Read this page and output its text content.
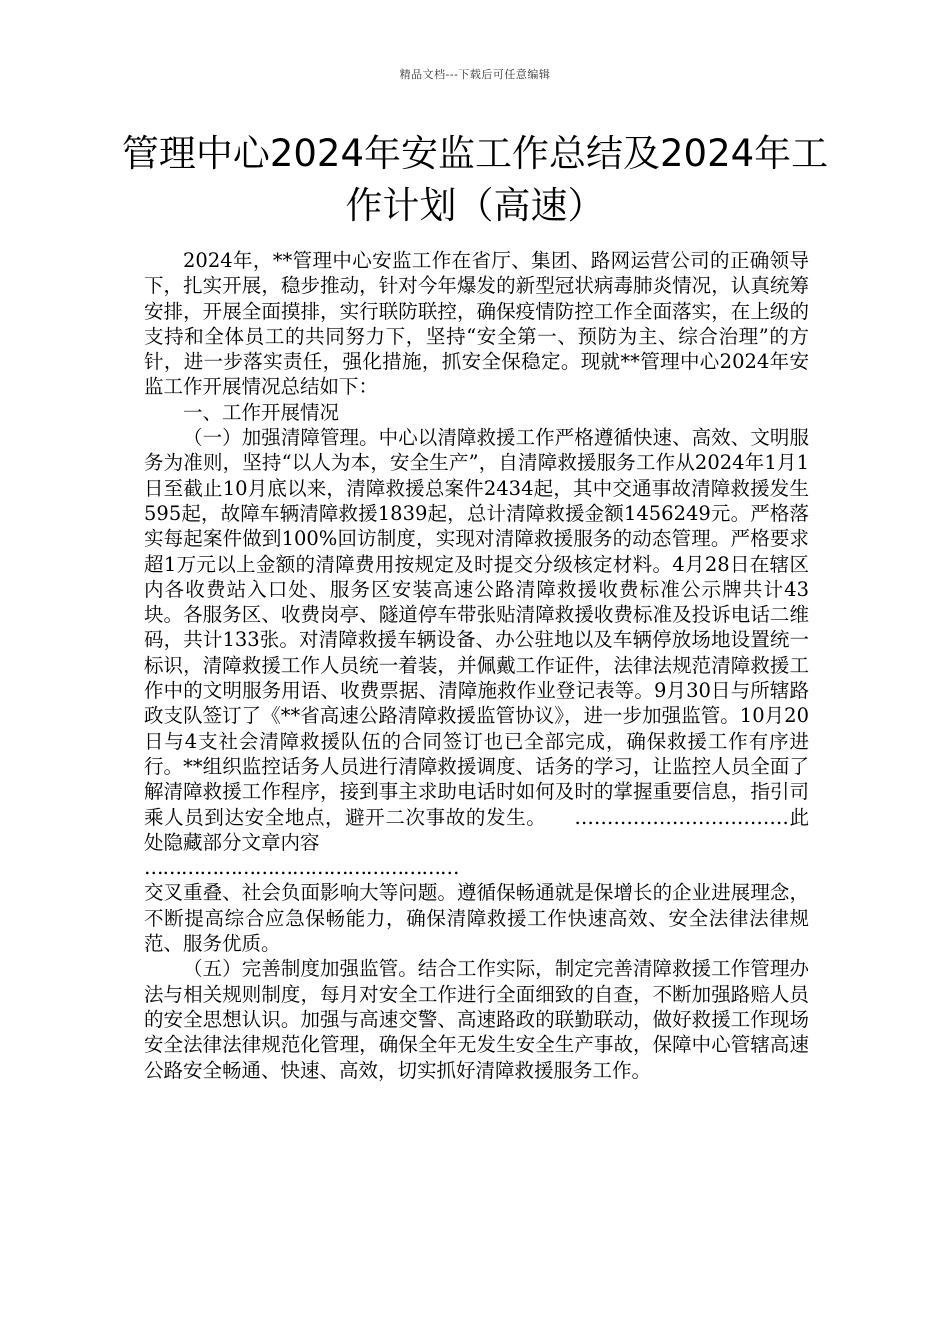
精品文档---下载后可任意编辑
管理中心2024年安监工作总结及2024年工作计划（高速）

2024年，**管理中心安监工作在省厅、集团、路网运营公司的正确领导下，扎实开展，稳步推动，针对今年爆发的新型冠状病毒肺炎情况，认真统筹安排，开展全面摸排，实行联防联控，确保疫情防控工作全面落实，在上级的支持和全体员工的共同努力下，坚持“安全第一、预防为主、综合治理”的方针，进一步落实责任，强化措施，抓安全保稳定。现就**管理中心2024年安监工作开展情况总结如下：

一、工作开展情况

（一）加强清障管理。中心以清障救援工作严格遵循快速、高效、文明服务为准则，坚持“以人为本，安全生产”，自清障救援服务工作从2024年1月1日至截止10月底以来，清障救援总案件2434起，其中交通事故清障救援发生595起，故障车辆清障救援1839起，总计清障救援金额1456249元。严格落实每起案件做到100%回访制度，实现对清障救援服务的动态管理。严格要求超1万元以上金额的清障费用按规定及时提交分级核定材料。4月28日在辖区内各收费站入口处、服务区安装高速公路清障救援收费标准公示牌共计43块。各服务区、收费岗亭、隧道停车带张贴清障救援收费标准及投诉电话二维码，共计133张。对清障救援车辆设备、办公驻地以及车辆停放场地设置统一标识，清障救援工作人员统一着装，并佩戴工作证件，法律法规范清障救援工作中的文明服务用语、收费票据、清障施救作业登记表等。9月30日与所辖路政支队签订了《**省高速公路清障救援监管协议》，进一步加强监管。10月20日与4支社会清障救援队伍的合同签订也已全部完成，确保救援工作有序进行。**组织监控话务人员进行清障救援调度、话务的学习，让监控人员全面了解清障救援工作程序，接到事主求助电话时如何及时的掌握重要信息，指引司乘人员到达安全地点，避开二次事故的发生。 ……………………………此处隐藏部分文章内容

……………………………………………

交叉重叠、社会负面影响大等问题。遵循保畅通就是保增长的企业进展理念，不断提高综合应急保畅能力，确保清障救援工作快速高效、安全法律法律规范、服务优质。

（五）完善制度加强监管。结合工作实际，制定完善清障救援工作管理办法与相关规则制度，每月对安全工作进行全面细致的自查，不断加强路赔人员的安全思想认识。加强与高速交警、高速路政的联勤联动，做好救援工作现场安全法律法律规范化管理，确保全年无发生安全生产事故，保障中心管辖高速公路安全畅通、快速、高效，切实抓好清障救援服务工作。
